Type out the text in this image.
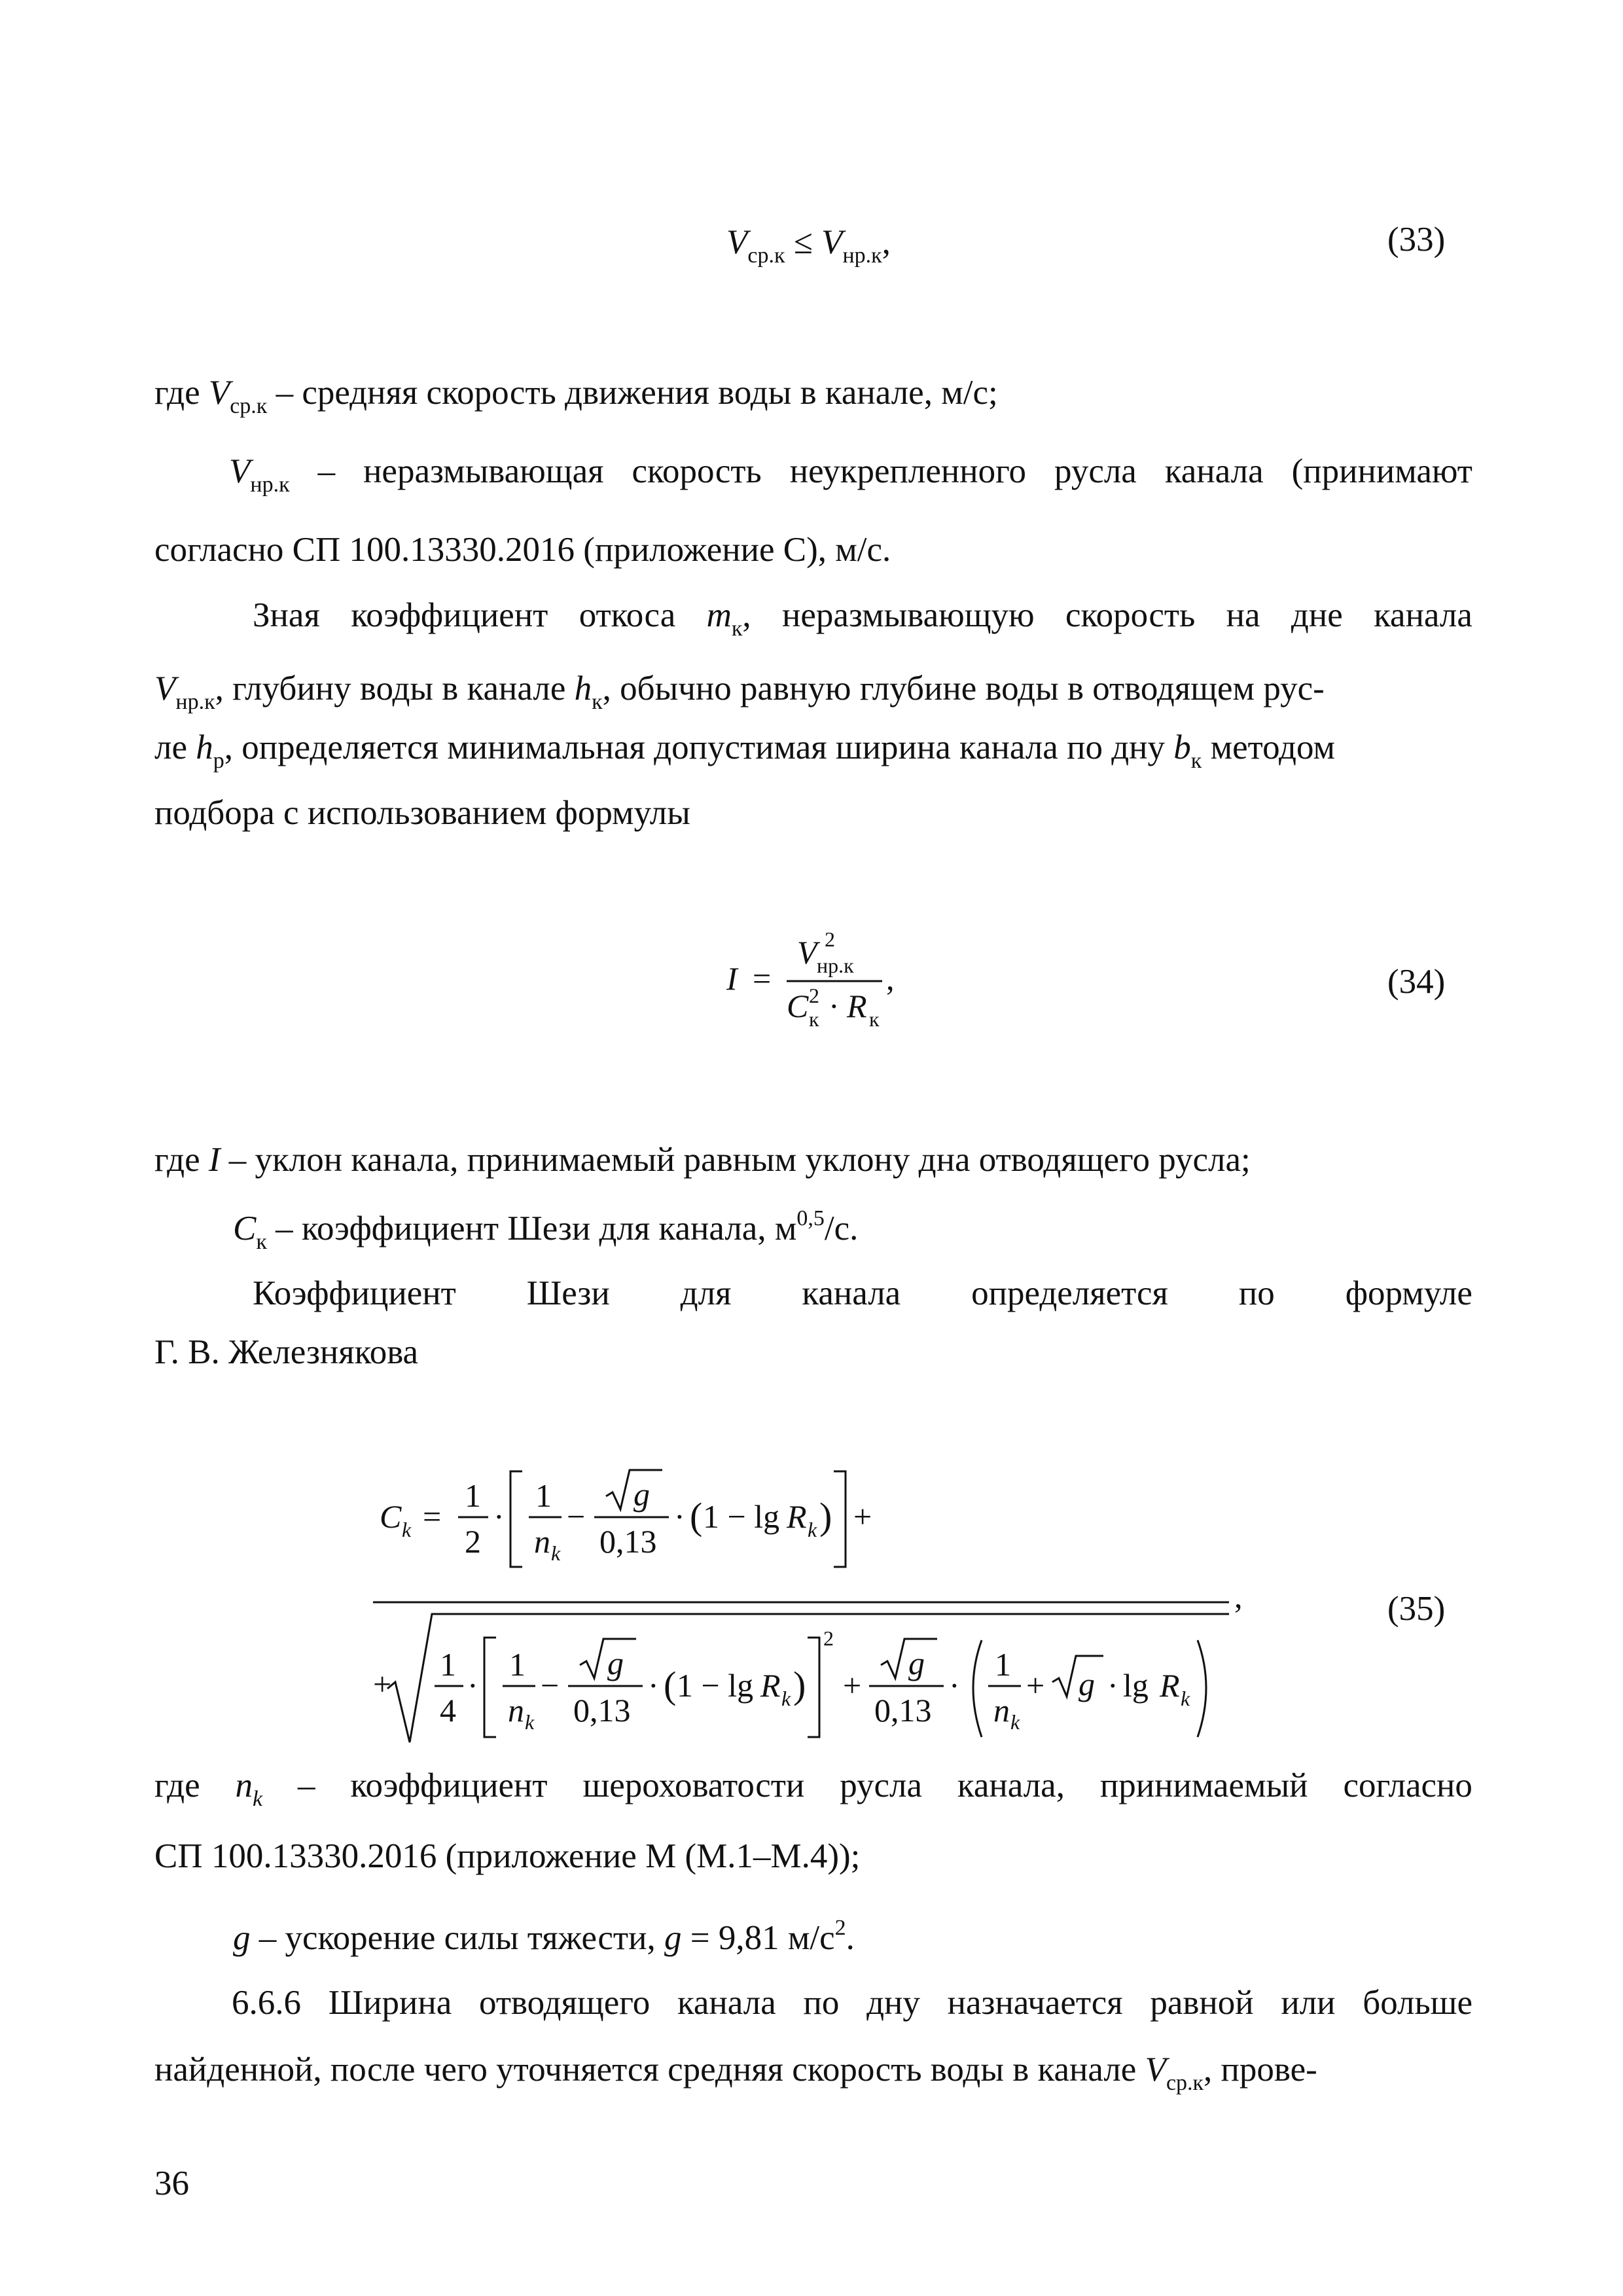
$V_{ср.к} \le V_{нр.к}$,	(33)
где $V_{ср.к}$ – средняя скорость движения воды в канале, м/с;
$V_{нр.к}$ – неразмывающая скорость неукрепленного русла канала (принимают
согласно СП 100.13330.2016 (приложение С), м/с.
Зная коэффициент откоса $m_к$, неразмывающую скорость на дне канала
$V_{нр.к}$, глубину воды в канале $h_к$, обычно равную глубине воды в отводящем рус-
ле $h_р$, определяется минимальная допустимая ширина канала по дну $b_к$ методом
подбора с использованием формулы
I =
V 2
нр.к
C 2
к · R к
,	(34)
где I – уклон канала, принимаемый равным уклону дна отводящего русла;
$C_к$ – коэффициент Шези для канала, $м^{0,5}/с$.
Коэффициент Шези для канала определяется по формуле
Г. В. Железнякова
C k =
1
2
·
1
n k
−
g
0,13
· ( 1 − lg R k ) +
,
+
1
4
·
1
n k
−
g
0,13
· ( 1 − lg R k )
2
+
g
0,13
·
1
n k
+ g · lg R k
(35)
где $n_k$ – коэффициент шероховатости русла канала, принимаемый согласно
СП 100.13330.2016 (приложение М (М.1–М.4));
g – ускорение силы тяжести, g = 9,81 $м/с^2$.
6.6.6 Ширина отводящего канала по дну назначается равной или больше
найденной, после чего уточняется средняя скорость воды в канале $V_{ср.к}$, прове-
36
